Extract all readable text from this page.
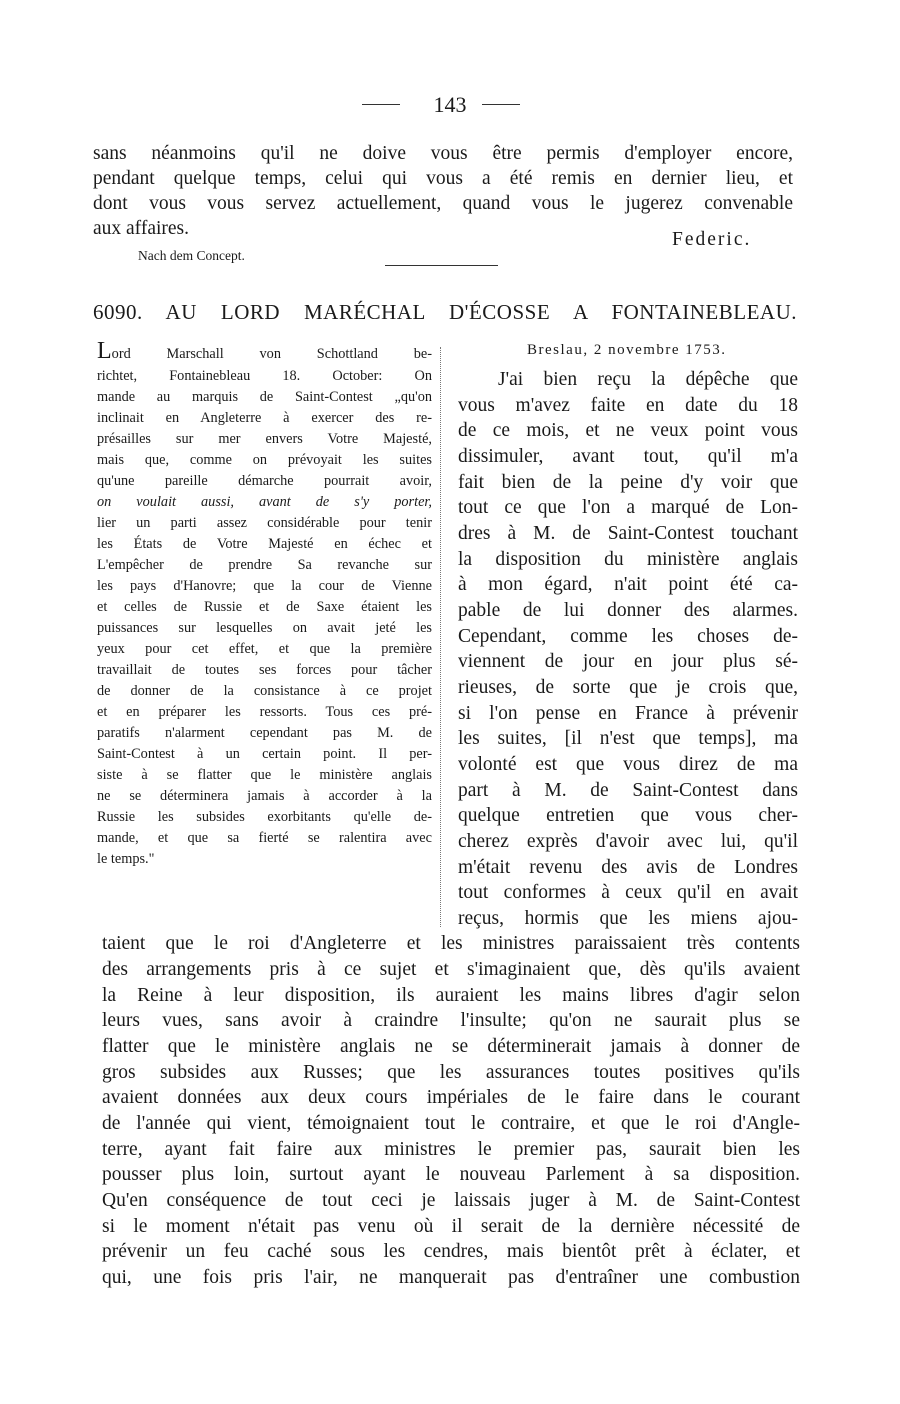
143
sans néanmoins qu'il ne doive vous être permis d'employer encore,
pendant quelque temps, celui qui vous a été remis en dernier lieu, et
dont vous vous servez actuellement, quand vous le jugerez convenable
aux affaires.
Federic.
Nach dem Concept.
6090. AU LORD MARÉCHAL D'ÉCOSSE A FONTAINEBLEAU.
Lord Marschall von Schottland be-
richtet, Fontainebleau 18. October: On
mande au marquis de Saint-Contest „qu'on
inclinait en Angleterre à exercer des re-
présailles sur mer envers Votre Majesté,
mais que, comme on prévoyait les suites
qu'une pareille démarche pourrait avoir,
on voulait aussi, avant de s'y porter,
lier un parti assez considérable pour tenir
les États de Votre Majesté en échec et
L'empêcher de prendre Sa revanche sur
les pays d'Hanovre; que la cour de Vienne
et celles de Russie et de Saxe étaient les
puissances sur lesquelles on avait jeté les
yeux pour cet effet, et que la première
travaillait de toutes ses forces pour tâcher
de donner de la consistance à ce projet
et en préparer les ressorts. Tous ces pré-
paratifs n'alarment cependant pas M. de
Saint-Contest à un certain point. Il per-
siste à se flatter que le ministère anglais
ne se déterminera jamais à accorder à la
Russie les subsides exorbitants qu'elle de-
mande, et que sa fierté se ralentira avec
le temps."
Breslau, 2 novembre 1753.
J'ai bien reçu la dépêche que
vous m'avez faite en date du 18
de ce mois, et ne veux point vous
dissimuler, avant tout, qu'il m'a
fait bien de la peine d'y voir que
tout ce que l'on a marqué de Lon-
dres à M. de Saint-Contest touchant
la disposition du ministère anglais
à mon égard, n'ait point été ca-
pable de lui donner des alarmes.
Cependant, comme les choses de-
viennent de jour en jour plus sé-
rieuses, de sorte que je crois que,
si l'on pense en France à prévenir
les suites, [il n'est que temps], ma
volonté est que vous direz de ma
part à M. de Saint-Contest dans
quelque entretien que vous cher-
cherez exprès d'avoir avec lui, qu'il
m'était revenu des avis de Londres
tout conformes à ceux qu'il en avait
reçus, hormis que les miens ajou-
taient que le roi d'Angleterre et les ministres paraissaient très contents
des arrangements pris à ce sujet et s'imaginaient que, dès qu'ils avaient
la Reine à leur disposition, ils auraient les mains libres d'agir selon
leurs vues, sans avoir à craindre l'insulte; qu'on ne saurait plus se
flatter que le ministère anglais ne se déterminerait jamais à donner de
gros subsides aux Russes; que les assurances toutes positives qu'ils
avaient données aux deux cours impériales de le faire dans le courant
de l'année qui vient, témoignaient tout le contraire, et que le roi d'Angle-
terre, ayant fait faire aux ministres le premier pas, saurait bien les
pousser plus loin, surtout ayant le nouveau Parlement à sa disposition.
Qu'en conséquence de tout ceci je laissais juger à M. de Saint-Contest
si le moment n'était pas venu où il serait de la dernière nécessité de
prévenir un feu caché sous les cendres, mais bientôt prêt à éclater, et
qui, une fois pris l'air, ne manquerait pas d'entraîner une combustion
